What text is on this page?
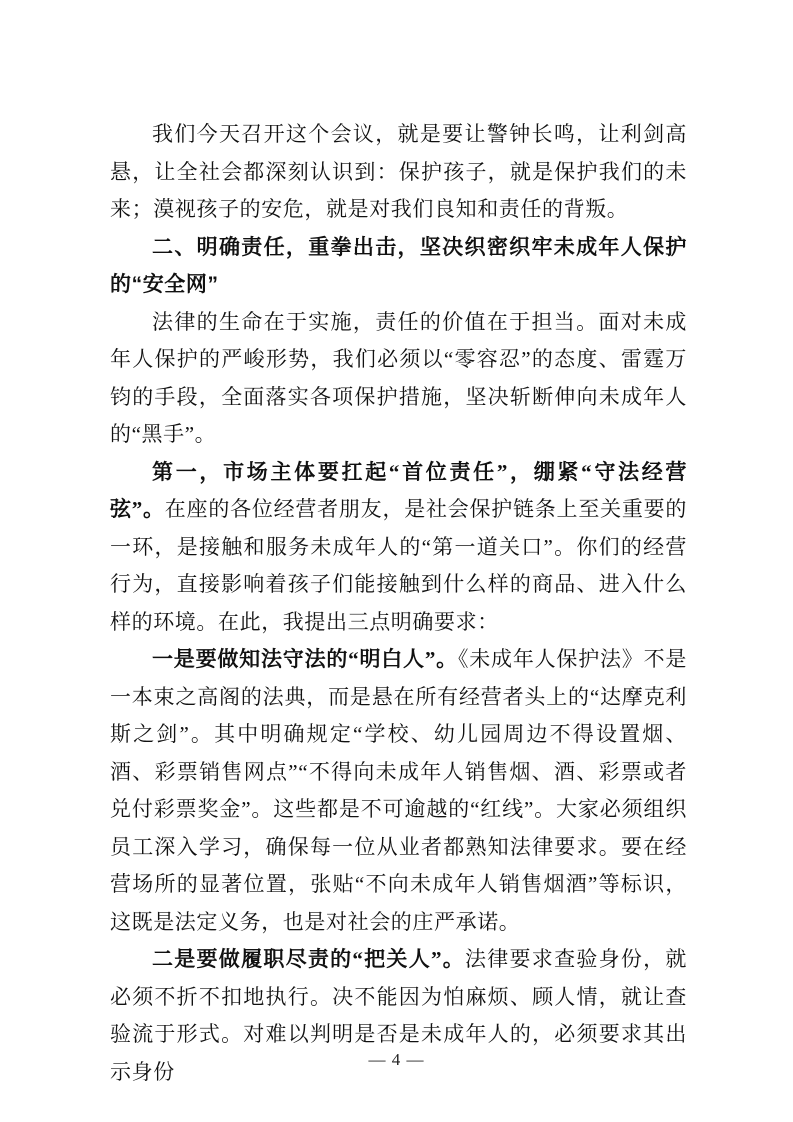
我们今天召开这个会议，就是要让警钟长鸣，让利剑高悬，让全社会都深刻认识到：保护孩子，就是保护我们的未来；漠视孩子的安危，就是对我们良知和责任的背叛。

二、明确责任，重拳出击，坚决织密织牢未成年人保护的“安全网”

法律的生命在于实施，责任的价值在于担当。面对未成年人保护的严峻形势，我们必须以“零容忍”的态度、雷霆万钧的手段，全面落实各项保护措施，坚决斩断伸向未成年人的“黑手”。

第一，市场主体要扛起“首位责任”，绷紧“守法经营弦”。在座的各位经营者朋友，是社会保护链条上至关重要的一环，是接触和服务未成年人的“第一道关口”。你们的经营行为，直接影响着孩子们能接触到什么样的商品、进入什么样的环境。在此，我提出三点明确要求：

一是要做知法守法的“明白人”。《未成年人保护法》不是一本束之高阁的法典，而是悬在所有经营者头上的“达摩克利斯之剑”。其中明确规定“学校、幼儿园周边不得设置烟、酒、彩票销售网点”“不得向未成年人销售烟、酒、彩票或者兑付彩票奖金”。这些都是不可逾越的“红线”。大家必须组织员工深入学习，确保每一位从业者都熟知法律要求。要在经营场所的显著位置，张贴“不向未成年人销售烟酒”等标识，这既是法定义务，也是对社会的庄严承诺。

二是要做履职尽责的“把关人”。法律要求查验身份，就必须不折不扣地执行。决不能因为怕麻烦、顾人情，就让查验流于形式。对难以判明是否是未成年人的，必须要求其出示身份	— 4 —
